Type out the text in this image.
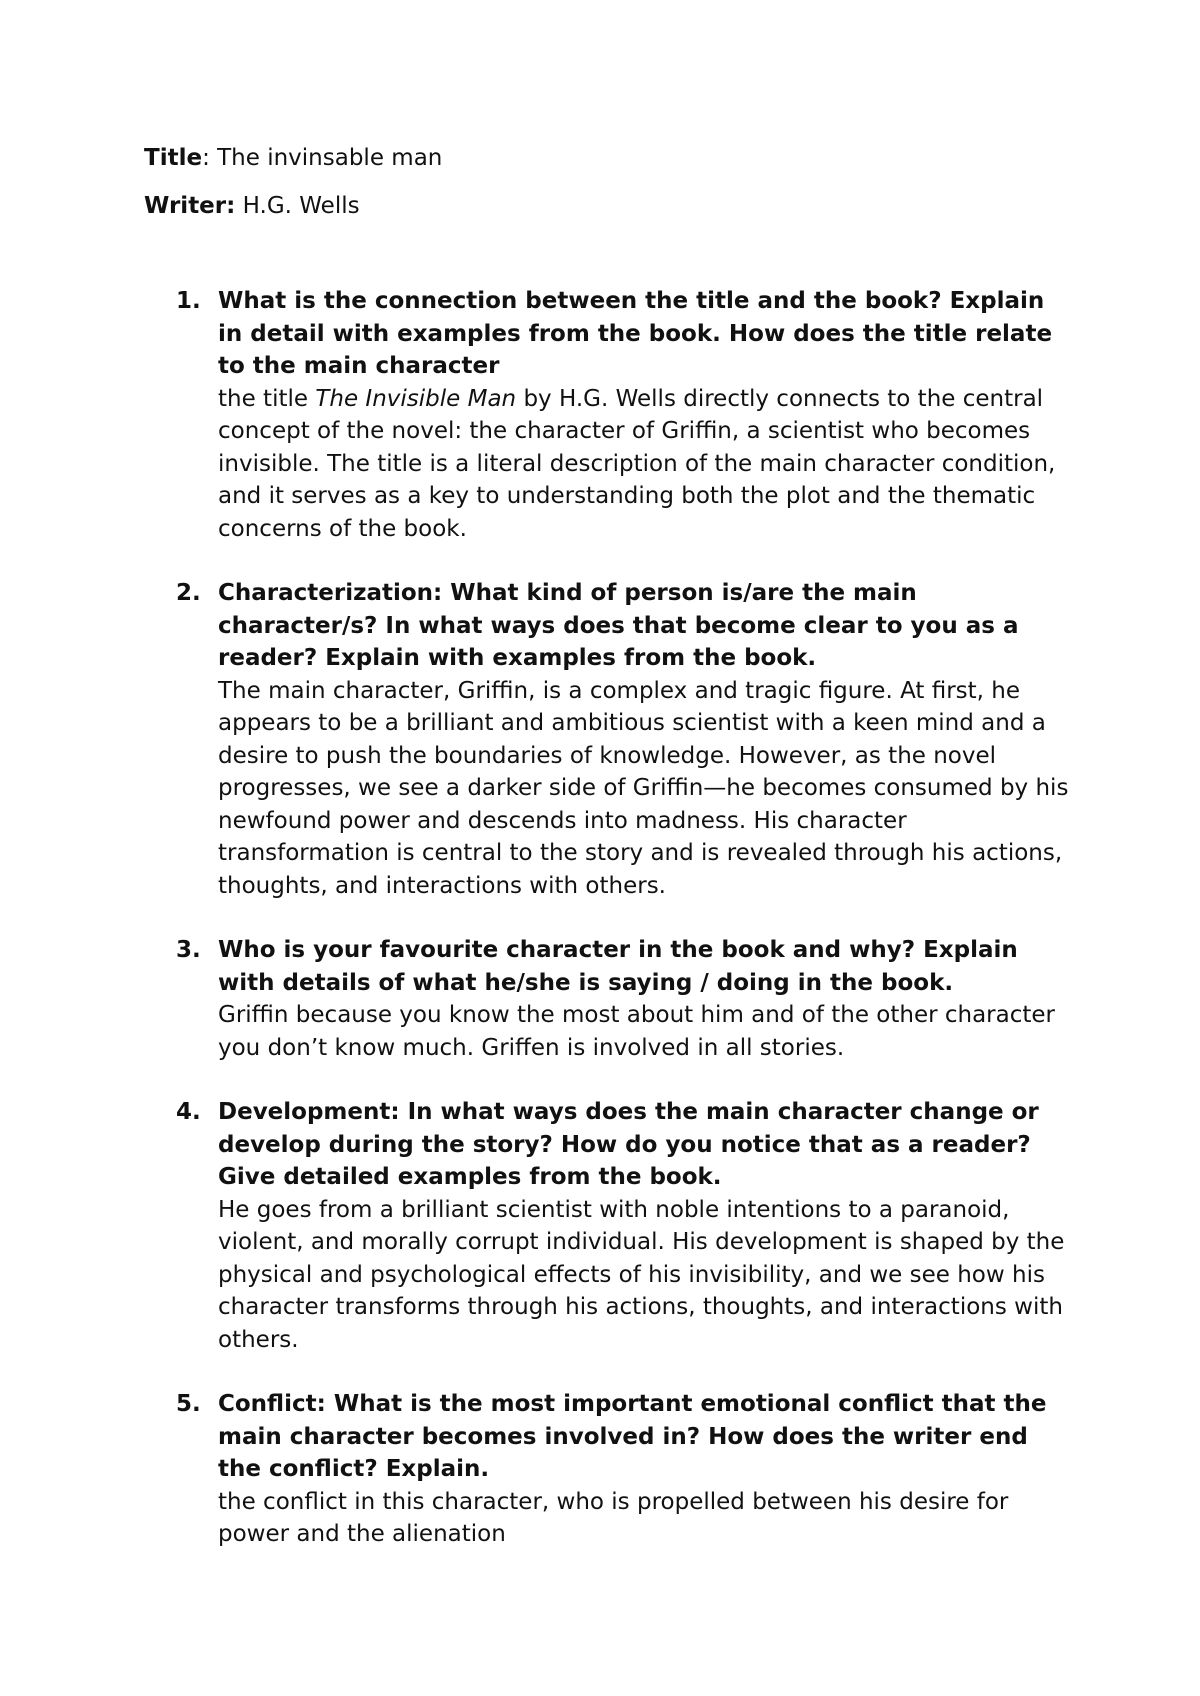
Title: The invinsable man
Writer: H.G. Wells
1. What is the connection between the title and the book? Explain in detail with examples from the book. How does the title relate to the main character
the title The Invisible Man by H.G. Wells directly connects to the central concept of the novel: the character of Griffin, a scientist who becomes invisible. The title is a literal description of the main character condition, and it serves as a key to understanding both the plot and the thematic concerns of the book.
2. Characterization: What kind of person is/are the main character/s? In what ways does that become clear to you as a reader? Explain with examples from the book.
The main character, Griffin, is a complex and tragic figure. At first, he appears to be a brilliant and ambitious scientist with a keen mind and a desire to push the boundaries of knowledge. However, as the novel progresses, we see a darker side of Griffin—he becomes consumed by his newfound power and descends into madness. His character transformation is central to the story and is revealed through his actions, thoughts, and interactions with others.
3. Who is your favourite character in the book and why? Explain with details of what he/she is saying / doing in the book.
Griffin because you know the most about him and of the other character you don’t know much. Griffen is involved in all stories.
4. Development: In what ways does the main character change or develop during the story? How do you notice that as a reader? Give detailed examples from the book.
He goes from a brilliant scientist with noble intentions to a paranoid, violent, and morally corrupt individual. His development is shaped by the physical and psychological effects of his invisibility, and we see how his character transforms through his actions, thoughts, and interactions with others.
5. Conflict: What is the most important emotional conflict that the main character becomes involved in? How does the writer end the conflict? Explain.
the conflict in this character, who is propelled between his desire for power and the alienation
